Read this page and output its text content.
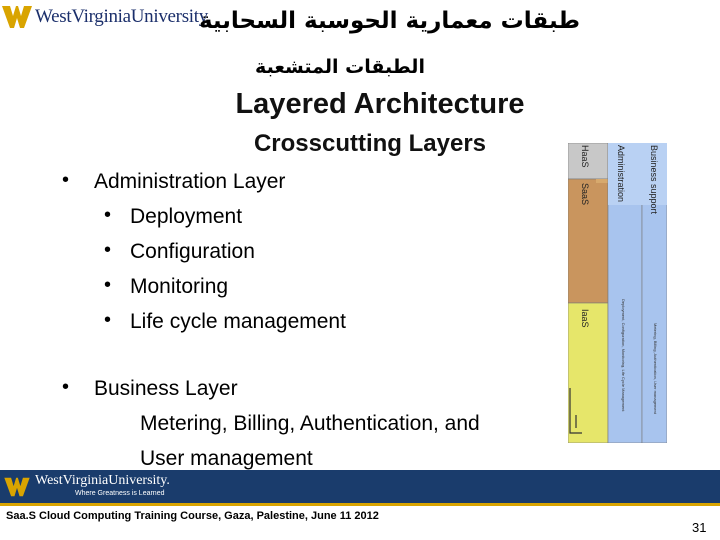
WestVirginiaUniversity
طبقات معمارية الحوسبة السحابية
الطبقات المتشعبة
Layered Architecture
Crosscutting Layers
• Administration Layer
• Deployment
• Configuration
• Monitoring
• Life cycle management
• Business Layer
Metering, Billing, Authentication, and
User management
HaaS
SaaS
IaaS
Administration	Business support
Deployment, Configuration, Monitoring, Life Cycle Management	Metering, Billing, Authentication, User management
WestVirginiaUniversity.
Where Greatness is Learned
Saa.S Cloud Computing Training Course, Gaza, Palestine, June 11 2012
31
